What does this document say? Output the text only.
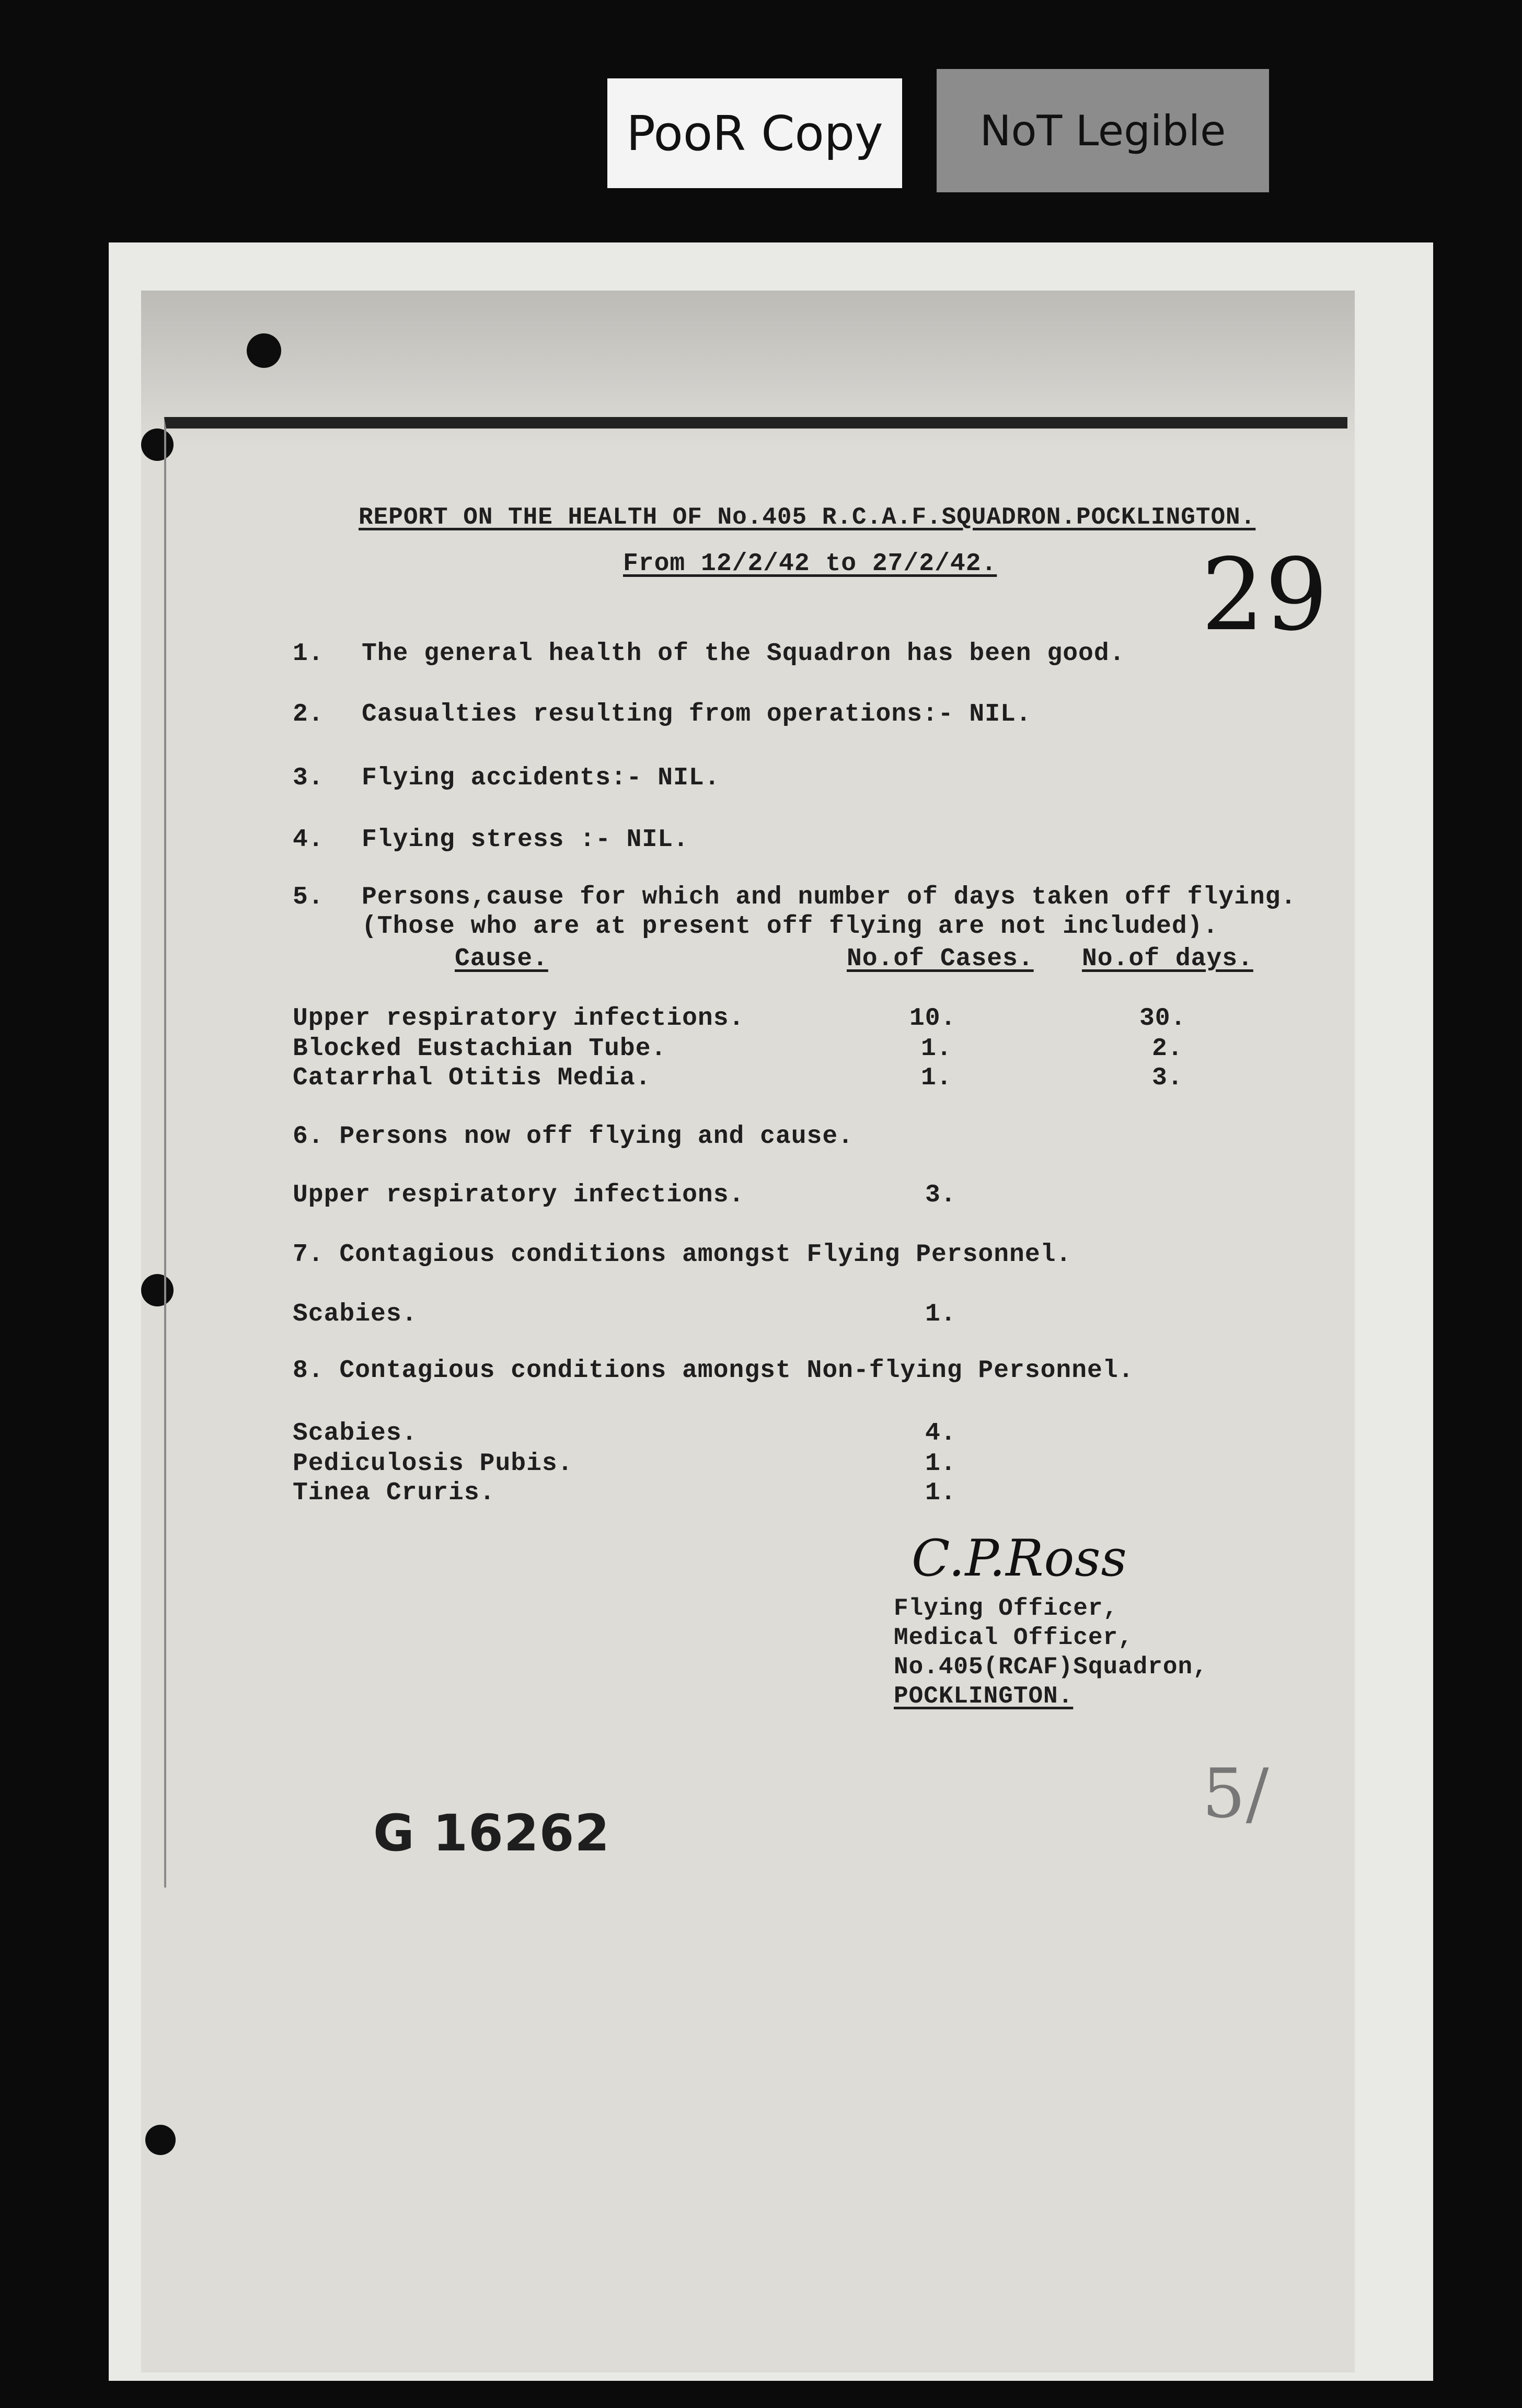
PooR Copy NoT Legible
REPORT ON THE HEALTH OF No.405 R.C.A.F.SQUADRON.POCKLINGTON.
From 12/2/42 to 27/2/42. 29
1. The general health of the Squadron has been good.
2. Casualties resulting from operations:- NIL.
3. Flying accidents:- NIL.
4. Flying stress :- NIL.
5. Persons,cause for which and number of days taken off flying.
(Those who are at present off flying are not included).
Cause.	No.of Cases. No.of days.
Upper respiratory infections.	10.	30.
Blocked Eustachian Tube.	1.	2.
Catarrhal Otitis Media.	1.	3.
6. Persons now off flying and cause.
Upper respiratory infections.	3.
7. Contagious conditions amongst Flying Personnel.
Scabies.	1.
8. Contagious conditions amongst Non-flying Personnel.
Scabies.	4.
Pediculosis Pubis.	1.
Tinea Cruris.	1.
C.P.Ross
Flying Officer,
Medical Officer,
No.405(RCAF)Squadron,
POCKLINGTON.
G 16262	5/
